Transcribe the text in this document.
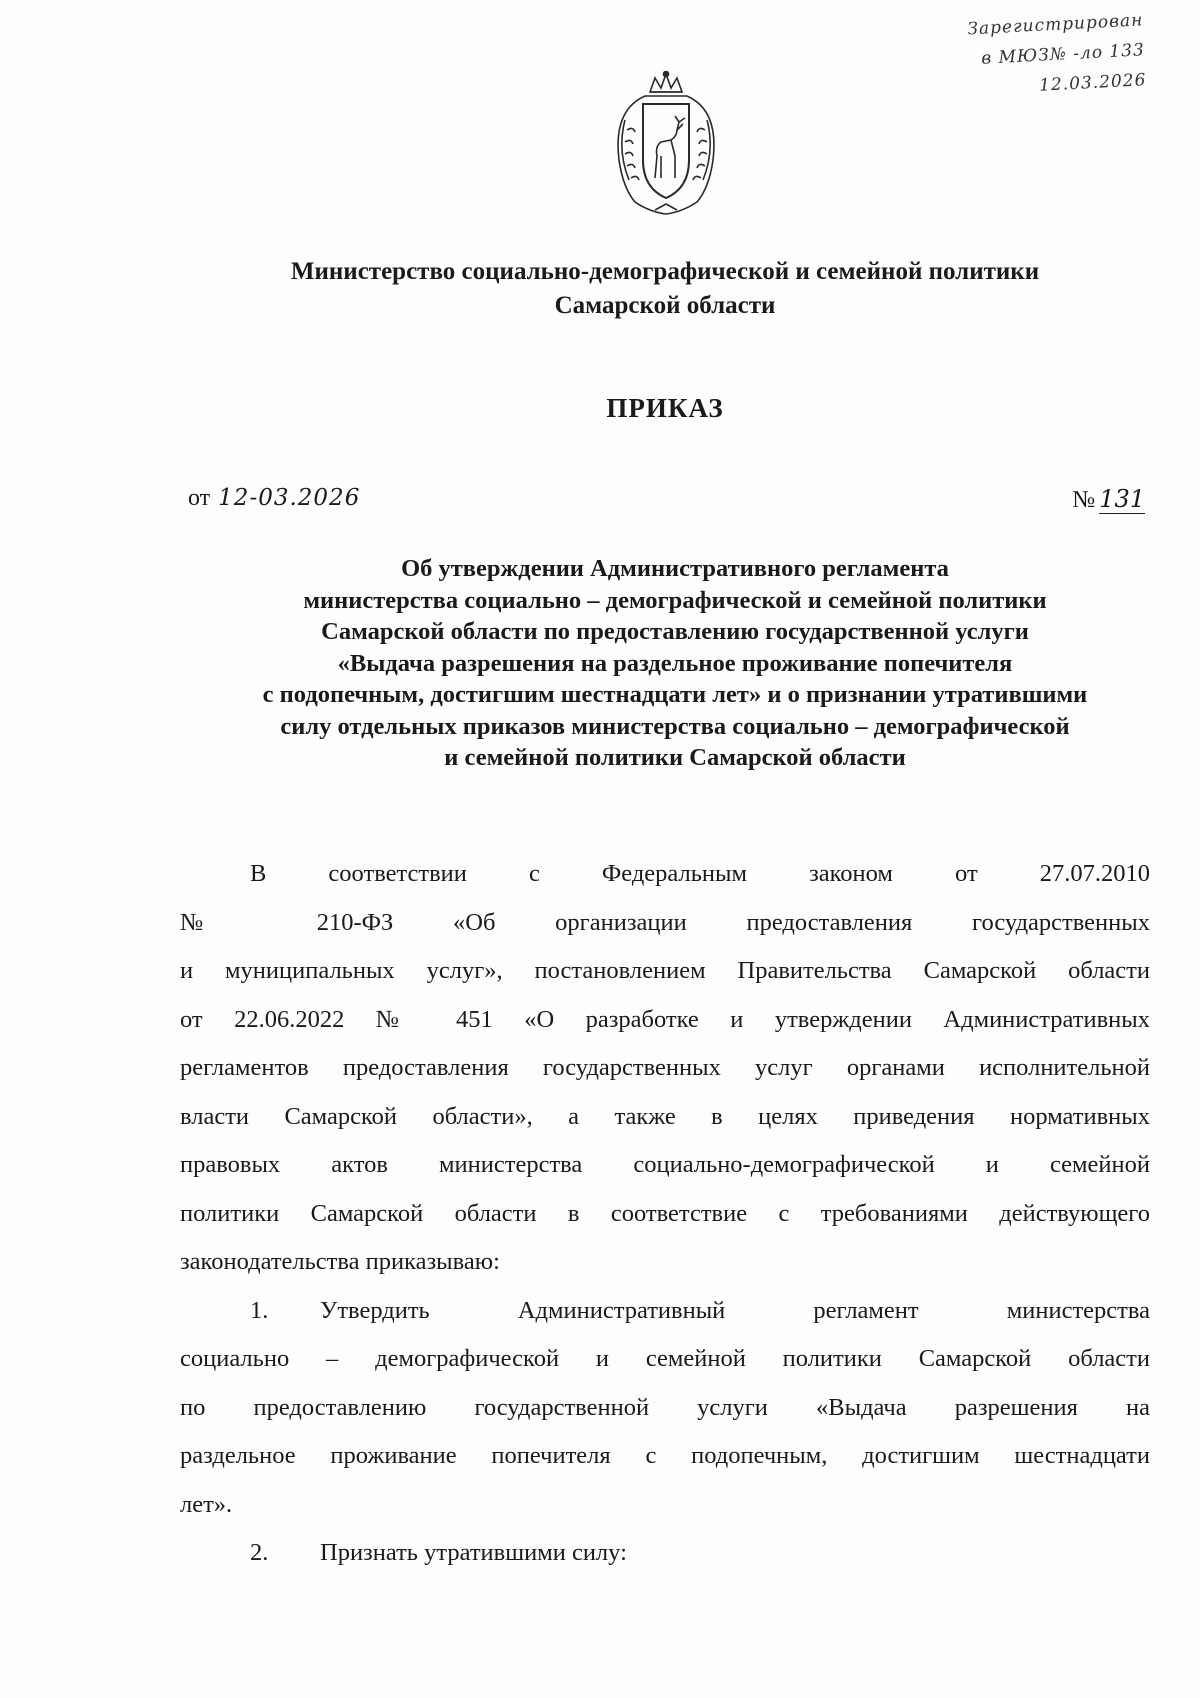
Зарегистрирован
в МЮЗ№ -ло 133
12.03.2026
Министерство социально-демографической и семейной политики
Самарской области
ПРИКАЗ
от 12-03.2026	№ 131
Об утверждении Административного регламента
министерства социально – демографической и семейной политики
Самарской области по предоставлению государственной услуги
«Выдача разрешения на раздельное проживание попечителя
с подопечным, достигшим шестнадцати лет» и о признании утратившими
силу отдельных приказов министерства социально – демографической
и семейной политики Самарской области
В соответствии с Федеральным законом от 27.07.2010
№ 210-ФЗ «Об организации предоставления государственных
и муниципальных услуг», постановлением Правительства Самарской области
от 22.06.2022 № 451 «О разработке и утверждении Административных
регламентов предоставления государственных услуг органами исполнительной
власти Самарской области», а также в целях приведения нормативных
правовых актов министерства социально-демографической и семейной
политики Самарской области в соответствие с требованиями действующего
законодательства приказываю:
1. Утвердить Административный регламент министерства
социально – демографической и семейной политики Самарской области
по предоставлению государственной услуги «Выдача разрешения на
раздельное проживание попечителя с подопечным, достигшим шестнадцати
лет».
2. Признать утратившими силу:
